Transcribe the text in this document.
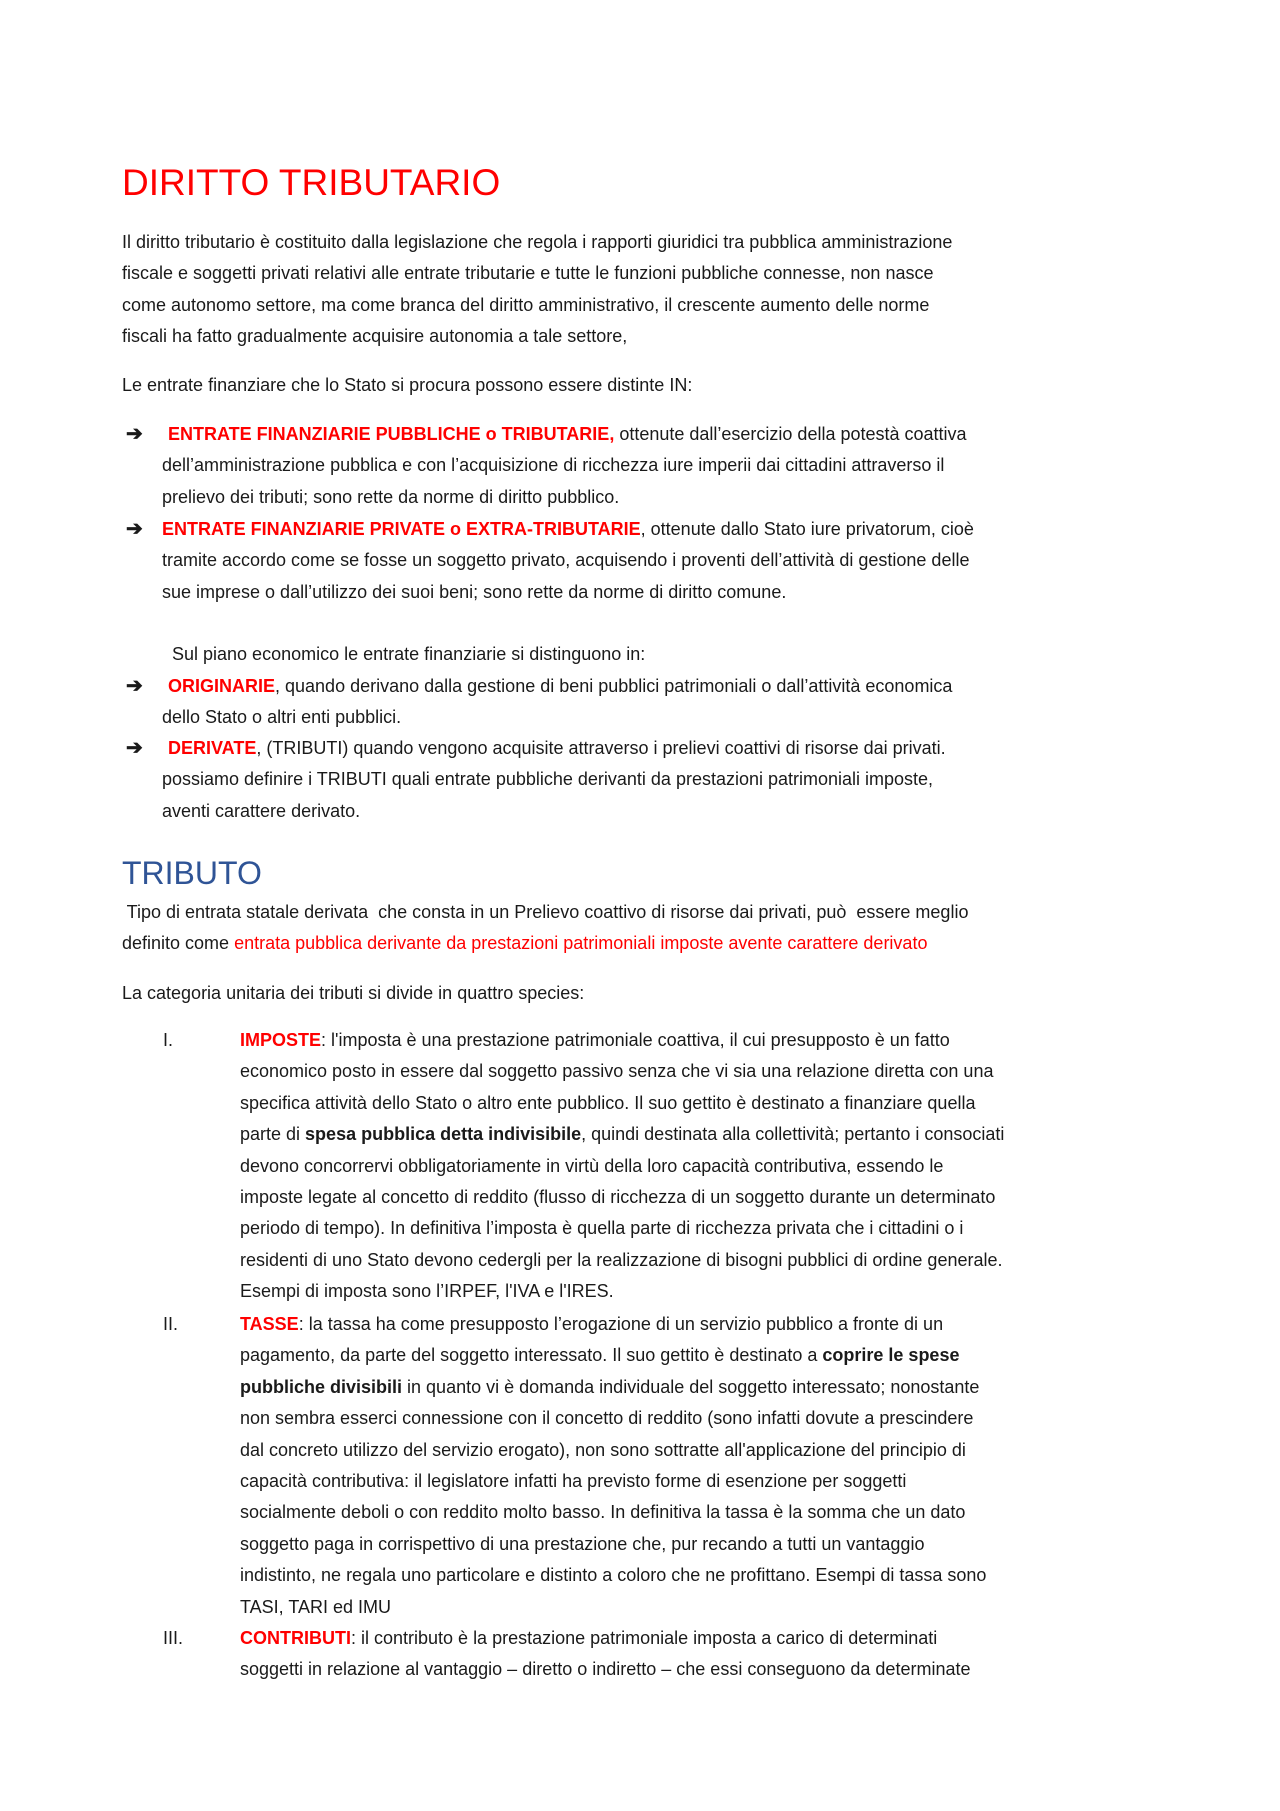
DIRITTO TRIBUTARIO
Il diritto tributario è costituito dalla legislazione che regola i rapporti giuridici tra pubblica amministrazione
fiscale e soggetti privati relativi alle entrate tributarie e tutte le funzioni pubbliche connesse, non nasce
come autonomo settore, ma come branca del diritto amministrativo, il crescente aumento delle norme
fiscali ha fatto gradualmente acquisire autonomia a tale settore,
Le entrate finanziare che lo Stato si procura possono essere distinte IN:
➔ ENTRATE FINANZIARIE PUBBLICHE o TRIBUTARIE, ottenute dall’esercizio della potestà coattiva
dell’amministrazione pubblica e con l’acquisizione di ricchezza iure imperii dai cittadini attraverso il
prelievo dei tributi; sono rette da norme di diritto pubblico.
➔ ENTRATE FINANZIARIE PRIVATE o EXTRA-TRIBUTARIE, ottenute dallo Stato iure privatorum, cioè
tramite accordo come se fosse un soggetto privato, acquisendo i proventi dell’attività di gestione delle
sue imprese o dall’utilizzo dei suoi beni; sono rette da norme di diritto comune.
Sul piano economico le entrate finanziarie si distinguono in:
➔ ORIGINARIE, quando derivano dalla gestione di beni pubblici patrimoniali o dall’attività economica
dello Stato o altri enti pubblici.
➔ DERIVATE, (TRIBUTI) quando vengono acquisite attraverso i prelievi coattivi di risorse dai privati.
possiamo definire i TRIBUTI quali entrate pubbliche derivanti da prestazioni patrimoniali imposte,
aventi carattere derivato.
TRIBUTO
Tipo di entrata statale derivata  che consta in un Prelievo coattivo di risorse dai privati, può  essere meglio
definito come entrata pubblica derivante da prestazioni patrimoniali imposte avente carattere derivato
La categoria unitaria dei tributi si divide in quattro species:
I.	IMPOSTE: l'imposta è una prestazione patrimoniale coattiva, il cui presupposto è un fatto
economico posto in essere dal soggetto passivo senza che vi sia una relazione diretta con una
specifica attività dello Stato o altro ente pubblico. Il suo gettito è destinato a finanziare quella
parte di spesa pubblica detta indivisibile, quindi destinata alla collettività; pertanto i consociati
devono concorrervi obbligatoriamente in virtù della loro capacità contributiva, essendo le
imposte legate al concetto di reddito (flusso di ricchezza di un soggetto durante un determinato
periodo di tempo). In definitiva l’imposta è quella parte di ricchezza privata che i cittadini o i
residenti di uno Stato devono cedergli per la realizzazione di bisogni pubblici di ordine generale.
Esempi di imposta sono l’IRPEF, l'IVA e l'IRES.
II.	TASSE: la tassa ha come presupposto l’erogazione di un servizio pubblico a fronte di un
pagamento, da parte del soggetto interessato. Il suo gettito è destinato a coprire le spese
pubbliche divisibili in quanto vi è domanda individuale del soggetto interessato; nonostante
non sembra esserci connessione con il concetto di reddito (sono infatti dovute a prescindere
dal concreto utilizzo del servizio erogato), non sono sottratte all'applicazione del principio di
capacità contributiva: il legislatore infatti ha previsto forme di esenzione per soggetti
socialmente deboli o con reddito molto basso. In definitiva la tassa è la somma che un dato
soggetto paga in corrispettivo di una prestazione che, pur recando a tutti un vantaggio
indistinto, ne regala uno particolare e distinto a coloro che ne profittano. Esempi di tassa sono
TASI, TARI ed IMU
III.	CONTRIBUTI: il contributo è la prestazione patrimoniale imposta a carico di determinati
soggetti in relazione al vantaggio – diretto o indiretto – che essi conseguono da determinate
